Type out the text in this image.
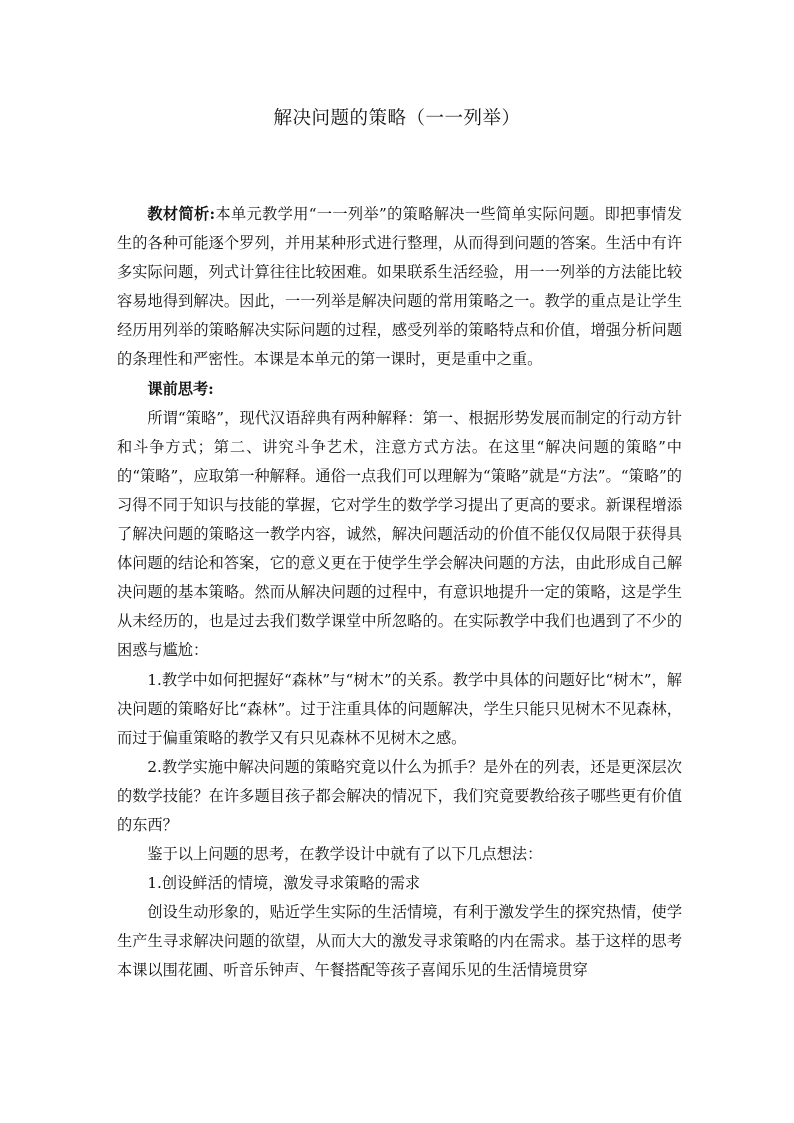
解决问题的策略（一一列举）

教材简析:本单元教学用“一一列举”的策略解决一些简单实际问题。即把事情发生的各种可能逐个罗列，并用某种形式进行整理，从而得到问题的答案。生活中有许多实际问题，列式计算往往比较困难。如果联系生活经验，用一一列举的方法能比较容易地得到解决。因此，一一列举是解决问题的常用策略之一。教学的重点是让学生经历用列举的策略解决实际问题的过程，感受列举的策略特点和价值，增强分析问题的条理性和严密性。本课是本单元的第一课时，更是重中之重。

课前思考:

所谓“策略”，现代汉语辞典有两种解释：第一、根据形势发展而制定的行动方针和斗争方式；第二、讲究斗争艺术，注意方式方法。在这里“解决问题的策略”中 的“策略”，应取第一种解释。通俗一点我们可以理解为“策略”就是“方法”。“策略”的习得不同于知识与技能的掌握，它对学生的数学学习提出了更高的要求。新课程增添了解决问题的策略这一教学内容，诚然，解决问题活动的价值不能仅仅局限于获得具体问题的结论和答案，它的意义更在于使学生学会解决问题的方法，由此形成自己解决问题的基本策略。然而从解决问题的过程中，有意识地提升一定的策略，这是学生从未经历的，也是过去我们数学课堂中所忽略的。在实际教学中我们也遇到了不少的困惑与尴尬：

1.教学中如何把握好“森林”与“树木”的关系。教学中具体的问题好比“树木”，解决问题的策略好比“森林”。过于注重具体的问题解决，学生只能只见树木不见森林，而过于偏重策略的教学又有只见森林不见树木之感。

2.教学实施中解决问题的策略究竟以什么为抓手？是外在的列表，还是更深层次的数学技能？在许多题目孩子都会解决的情况下，我们究竟要教给孩子哪些更有价值的东西？

鉴于以上问题的思考，在教学设计中就有了以下几点想法：

1.创设鲜活的情境，激发寻求策略的需求

创设生动形象的，贴近学生实际的生活情境，有利于激发学生的探究热情，使学生产生寻求解决问题的欲望，从而大大的激发寻求策略的内在需求。基于这样的思考本课以围花圃、听音乐钟声、午餐搭配等孩子喜闻乐见的生活情境贯穿
